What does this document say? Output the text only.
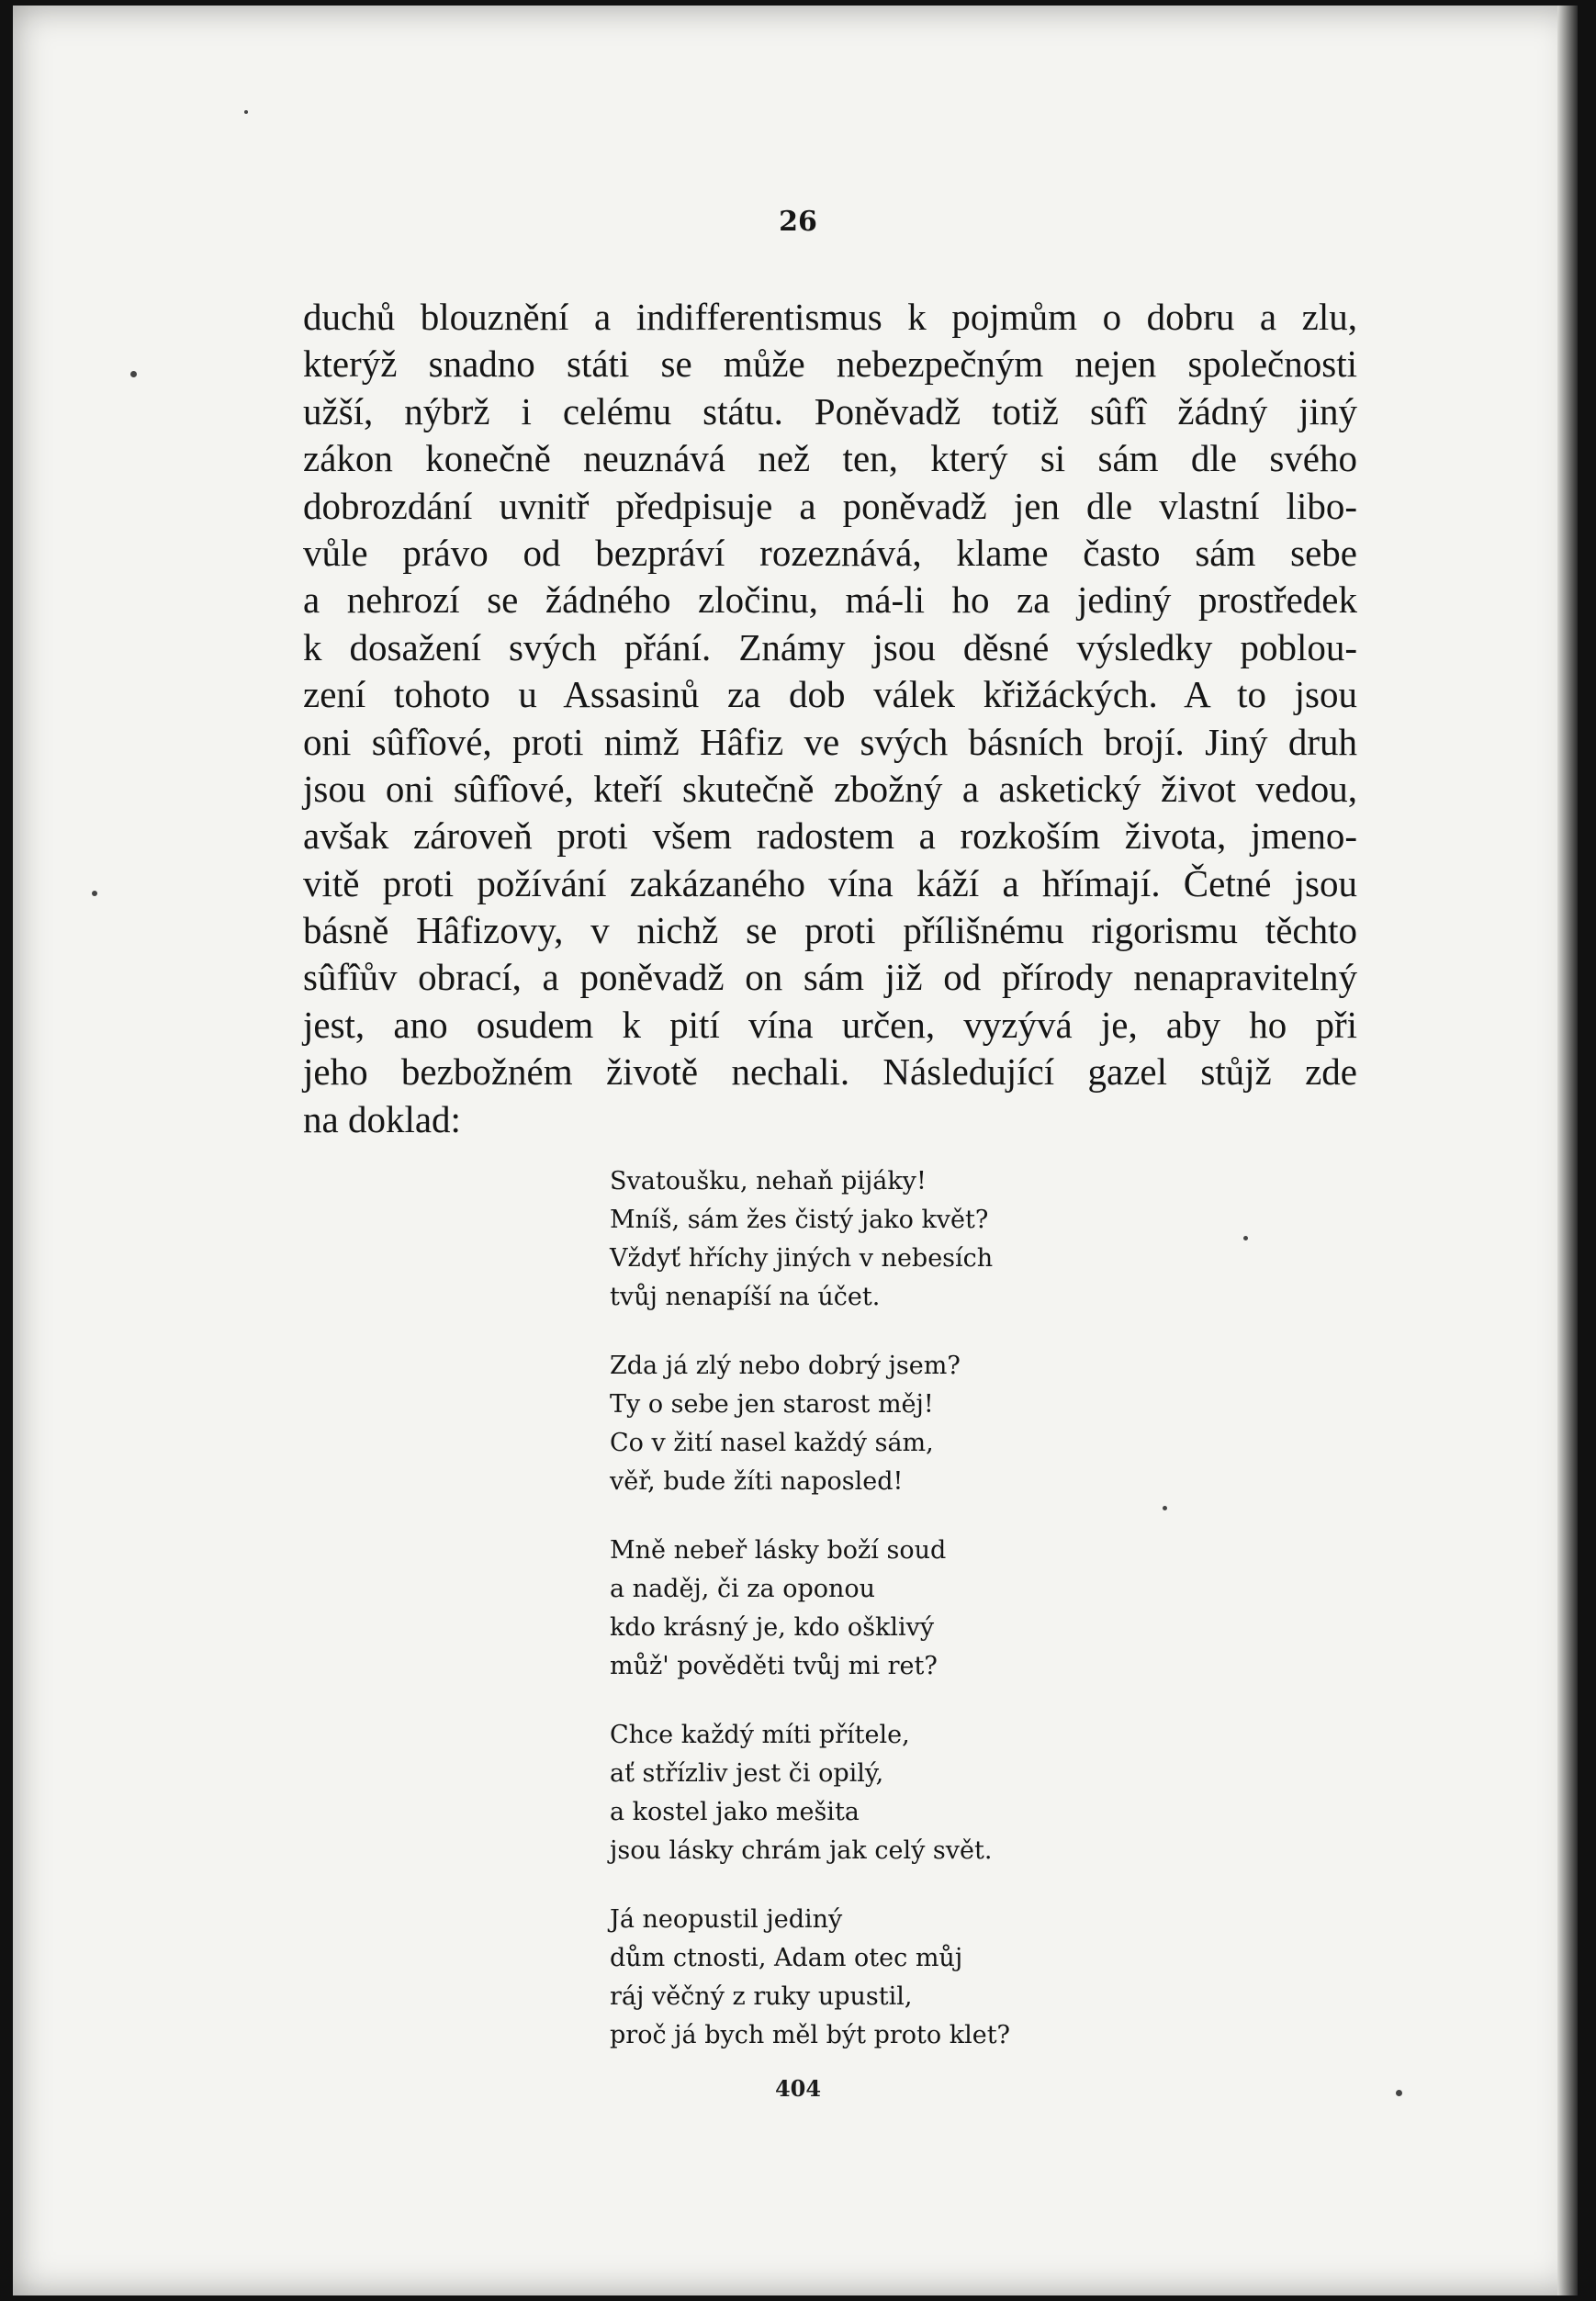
26
duchů blouznění a indifferentismus k pojmům o dobru a zlu,
kterýž snadno státi se může nebezpečným nejen společnosti
užší, nýbrž i celému státu. Poněvadž totiž sûfî žádný jiný
zákon konečně neuznává než ten, který si sám dle svého
dobrozdání uvnitř předpisuje a poněvadž jen dle vlastní libo-
vůle právo od bezpráví rozeznává, klame často sám sebe
a nehrozí se žádného zločinu, má-li ho za jediný prostředek
k dosažení svých přání. Známy jsou děsné výsledky poblou-
zení tohoto u Assasinů za dob válek křižáckých. A to jsou
oni sûfîové, proti nimž Hâfiz ve svých básních brojí. Jiný druh
jsou oni sûfîové, kteří skutečně zbožný a asketický život vedou,
avšak zároveň proti všem radostem a rozkoším života, jmeno-
vitě proti požívání zakázaného vína káží a hřímají. Četné jsou
básně Hâfizovy, v nichž se proti přílišnému rigorismu těchto
sûfîův obrací, a poněvadž on sám již od přírody nenapravitelný
jest, ano osudem k pití vína určen, vyzývá je, aby ho při
jeho bezbožném životě nechali. Následující gazel stůjž zde
na doklad:
Svatoušku, nehaň pijáky!
Mníš, sám žes čistý jako květ?
Vždyť hříchy jiných v nebesích
tvůj nenapíší na účet.
Zda já zlý nebo dobrý jsem?
Ty o sebe jen starost měj!
Co v žití nasel každý sám,
věř, bude žíti naposled!
Mně nebeř lásky boží soud
a naděj, či za oponou
kdo krásný je, kdo ošklivý
můž' pověděti tvůj mi ret?
Chce každý míti přítele,
ať střízliv jest či opilý,
a kostel jako mešita
jsou lásky chrám jak celý svět.
Já neopustil jediný
dům ctnosti, Adam otec můj
ráj věčný z ruky upustil,
proč já bych měl být proto klet?
404
